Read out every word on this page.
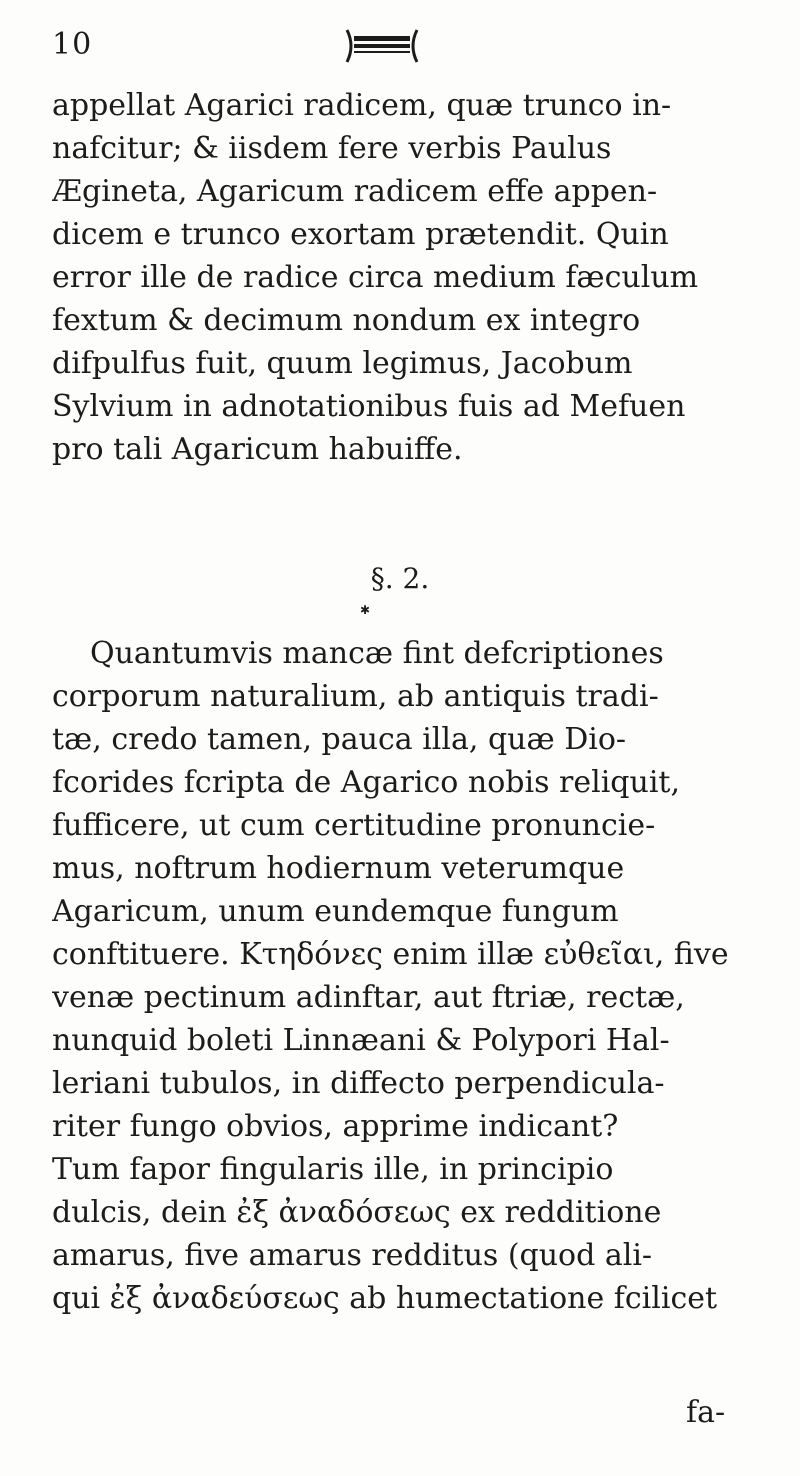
10
appellat Agarici radicem, quæ trunco in-
nafcitur; & iisdem fere verbis Paulus
Ægineta, Agaricum radicem effe appen-
dicem e trunco exortam prætendit. Quin
error ille de radice circa medium fæculum
fextum & decimum nondum ex integro
difpulfus fuit, quum legimus, Jacobum
Sylvium in adnotationibus fuis ad Mefuen
pro tali Agaricum habuiffe.
§. 2.
✱
Quantumvis mancæ fint defcriptiones
corporum naturalium, ab antiquis tradi-
tæ, credo tamen, pauca illa, quæ Dio-
fcorides fcripta de Agarico nobis reliquit,
fufficere, ut cum certitudine pronuncie-
mus, noftrum hodiernum veterumque
Agaricum, unum eundemque fungum
conftituere. Κτηδόνες enim illæ εὐθεῖαι, five
venæ pectinum adinftar, aut ftriæ, rectæ,
nunquid boleti Linnæani & Polypori Hal-
leriani tubulos, in diffecto perpendicula-
riter fungo obvios, apprime indicant?
Tum fapor fingularis ille, in principio
dulcis, dein ἐξ ἀναδόσεως ex redditione
amarus, five amarus redditus (quod ali-
qui ἐξ ἀναδεύσεως ab humectatione fcilicet
fa-
